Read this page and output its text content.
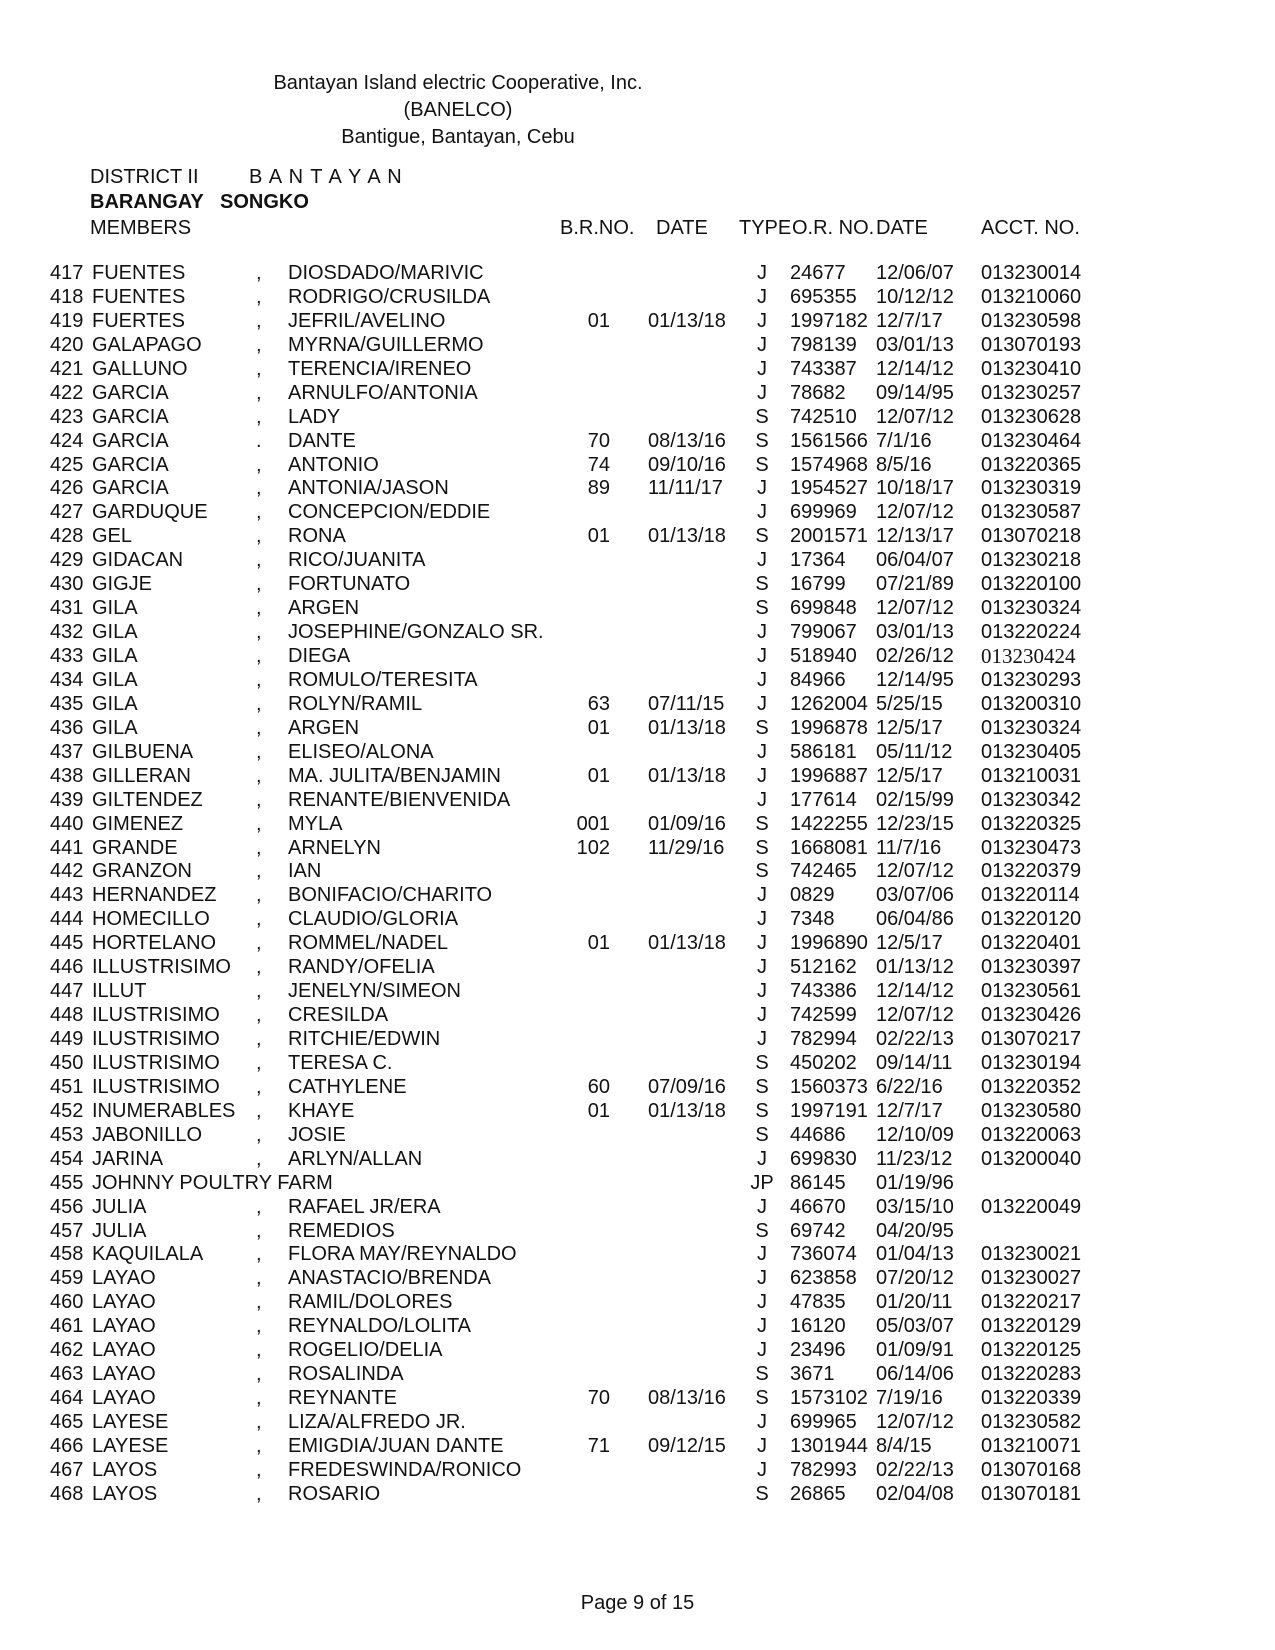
Bantayan Island electric Cooperative, Inc.
(BANELCO)
Bantigue, Bantayan, Cebu
DISTRICT II	B A N T A Y A N
BARANGAY SONGKO
MEMBERS	B.R.NO. DATE TYPE O.R. NO. DATE	ACCT. NO.
417 FUENTES	, DIOSDADO/MARIVIC	J	24677 12/06/07 013230014
418 FUENTES	, RODRIGO/CRUSILDA	J	695355 10/12/12 013210060
419 FUERTES	, JEFRIL/AVELINO	01 01/13/18	J	1997182 12/7/17 013230598
420 GALAPAGO	, MYRNA/GUILLERMO	J	798139 03/01/13 013070193
421 GALLUNO	, TERENCIA/IRENEO	J	743387 12/14/12 013230410
422 GARCIA	, ARNULFO/ANTONIA	J	78682 09/14/95 013230257
423 GARCIA	, LADY	S	742510 12/07/12 013230628
424 GARCIA	. DANTE	70 08/13/16	S	1561566 7/1/16 013230464
425 GARCIA	, ANTONIO	74 09/10/16	S	1574968 8/5/16 013220365
426 GARCIA	, ANTONIA/JASON	89 11/11/17	J	1954527 10/18/17 013230319
427 GARDUQUE , CONCEPCION/EDDIE	J	699969 12/07/12 013230587
428 GEL	, RONA	01 01/13/18	S	2001571 12/13/17 013070218
429 GIDACAN	, RICO/JUANITA	J	17364 06/04/07 013230218
430 GIGJE	, FORTUNATO	S	16799 07/21/89 013220100
431 GILA	, ARGEN	S	699848 12/07/12 013230324
432 GILA	, JOSEPHINE/GONZALO SR.	J	799067 03/01/13 013220224
433 GILA	, DIEGA	J	518940 02/26/12 013230424
434 GILA	, ROMULO/TERESITA	J	84966 12/14/95 013230293
435 GILA	, ROLYN/RAMIL	63 07/11/15	J	1262004 5/25/15 013200310
436 GILA	, ARGEN	01 01/13/18	S	1996878 12/5/17 013230324
437 GILBUENA	, ELISEO/ALONA	J	586181 05/11/12 013230405
438 GILLERAN	, MA. JULITA/BENJAMIN	01 01/13/18	J	1996887 12/5/17 013210031
439 GILTENDEZ	, RENANTE/BIENVENIDA	J	177614 02/15/99 013230342
440 GIMENEZ	, MYLA	001 01/09/16	S	1422255 12/23/15 013220325
441 GRANDE	, ARNELYN	102 11/29/16	S	1668081 11/7/16 013230473
442 GRANZON	, IAN	S	742465 12/07/12 013220379
443 HERNANDEZ , BONIFACIO/CHARITO	J	0829 03/07/06 013220114
444 HOMECILLO , CLAUDIO/GLORIA	J	7348 06/04/86 013220120
445 HORTELANO , ROMMEL/NADEL	01 01/13/18	J	1996890 12/5/17 013220401
446 ILLUSTRISIMO , RANDY/OFELIA	J	512162 01/13/12 013230397
447 ILLUT	, JENELYN/SIMEON	J	743386 12/14/12 013230561
448 ILUSTRISIMO , CRESILDA	J	742599 12/07/12 013230426
449 ILUSTRISIMO , RITCHIE/EDWIN	J	782994 02/22/13 013070217
450 ILUSTRISIMO , TERESA C.	S	450202 09/14/11 013230194
451 ILUSTRISIMO , CATHYLENE	60 07/09/16	S	1560373 6/22/16 013220352
452 INUMERABLES , KHAYE	01 01/13/18	S	1997191 12/7/17 013230580
453 JABONILLO	, JOSIE	S	44686 12/10/09 013220063
454 JARINA	, ARLYN/ALLAN	J	699830 11/23/12 013200040
455 JOHNNY POULTRY FARM	JP 86145 01/19/96
456 JULIA	, RAFAEL JR/ERA	J	46670 03/15/10 013220049
457 JULIA	, REMEDIOS	S	69742 04/20/95
458 KAQUILALA	, FLORA MAY/REYNALDO	J	736074 01/04/13 013230021
459 LAYAO	, ANASTACIO/BRENDA	J	623858 07/20/12 013230027
460 LAYAO	, RAMIL/DOLORES	J	47835 01/20/11 013220217
461 LAYAO	, REYNALDO/LOLITA	J	16120 05/03/07 013220129
462 LAYAO	, ROGELIO/DELIA	J	23496 01/09/91 013220125
463 LAYAO	, ROSALINDA	S	3671 06/14/06 013220283
464 LAYAO	, REYNANTE	70 08/13/16	S	1573102 7/19/16 013220339
465 LAYESE	, LIZA/ALFREDO JR.	J	699965 12/07/12 013230582
466 LAYESE	, EMIGDIA/JUAN DANTE	71 09/12/15	J	1301944 8/4/15 013210071
467 LAYOS	, FREDESWINDA/RONICO	J	782993 02/22/13 013070168
468 LAYOS	, ROSARIO	S	26865 02/04/08 013070181
Page 9 of 15
